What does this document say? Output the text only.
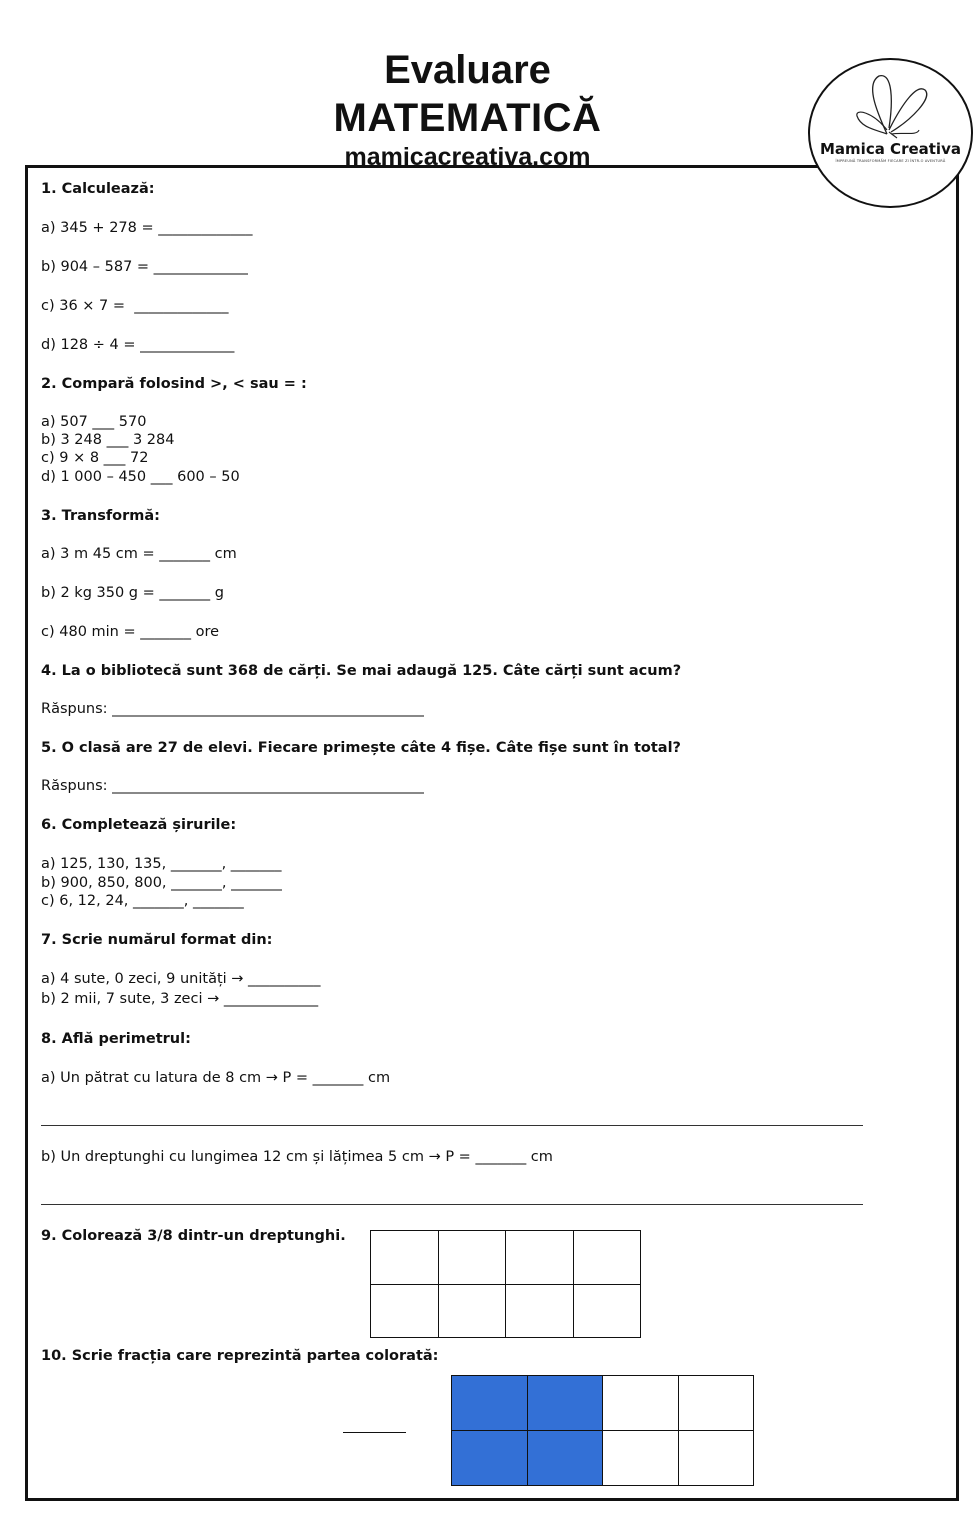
Evaluare
MATEMATICĂ
mamicacreativa.com	Mamica Creativa
ÎMPREUNĂ TRANSFORMĂM FIECARE ZI ÎNTR-O AVENTURĂ
1. Calculează:
a) 345 + 278 = _____________
b) 904 – 587 = _____________
c) 36 × 7 =  _____________
d) 128 ÷ 4 = _____________
2. Compară folosind >, < sau = :
a) 507 ___ 570
b) 3 248 ___ 3 284
c) 9 × 8 ___ 72
d) 1 000 – 450 ___ 600 – 50
3. Transformă:
a) 3 m 45 cm = _______ cm
b) 2 kg 350 g = _______ g
c) 480 min = _______ ore
4. La o bibliotecă sunt 368 de cărți. Se mai adaugă 125. Câte cărți sunt acum?
Răspuns: ___________________________________________
5. O clasă are 27 de elevi. Fiecare primește câte 4 fișe. Câte fișe sunt în total?
Răspuns: ___________________________________________
6. Completează șirurile:
a) 125, 130, 135, _______, _______
b) 900, 850, 800, _______, _______
c) 6, 12, 24, _______, _______
7. Scrie numărul format din:
a) 4 sute, 0 zeci, 9 unități → __________
b) 2 mii, 7 sute, 3 zeci → _____________
8. Află perimetrul:
a) Un pătrat cu latura de 8 cm → P = _______ cm
b) Un dreptunghi cu lungimea 12 cm și lățimea 5 cm → P = _______ cm
9. Colorează 3/8 dintr-un dreptunghi.

10. Scrie fracția care reprezintă partea colorată:
